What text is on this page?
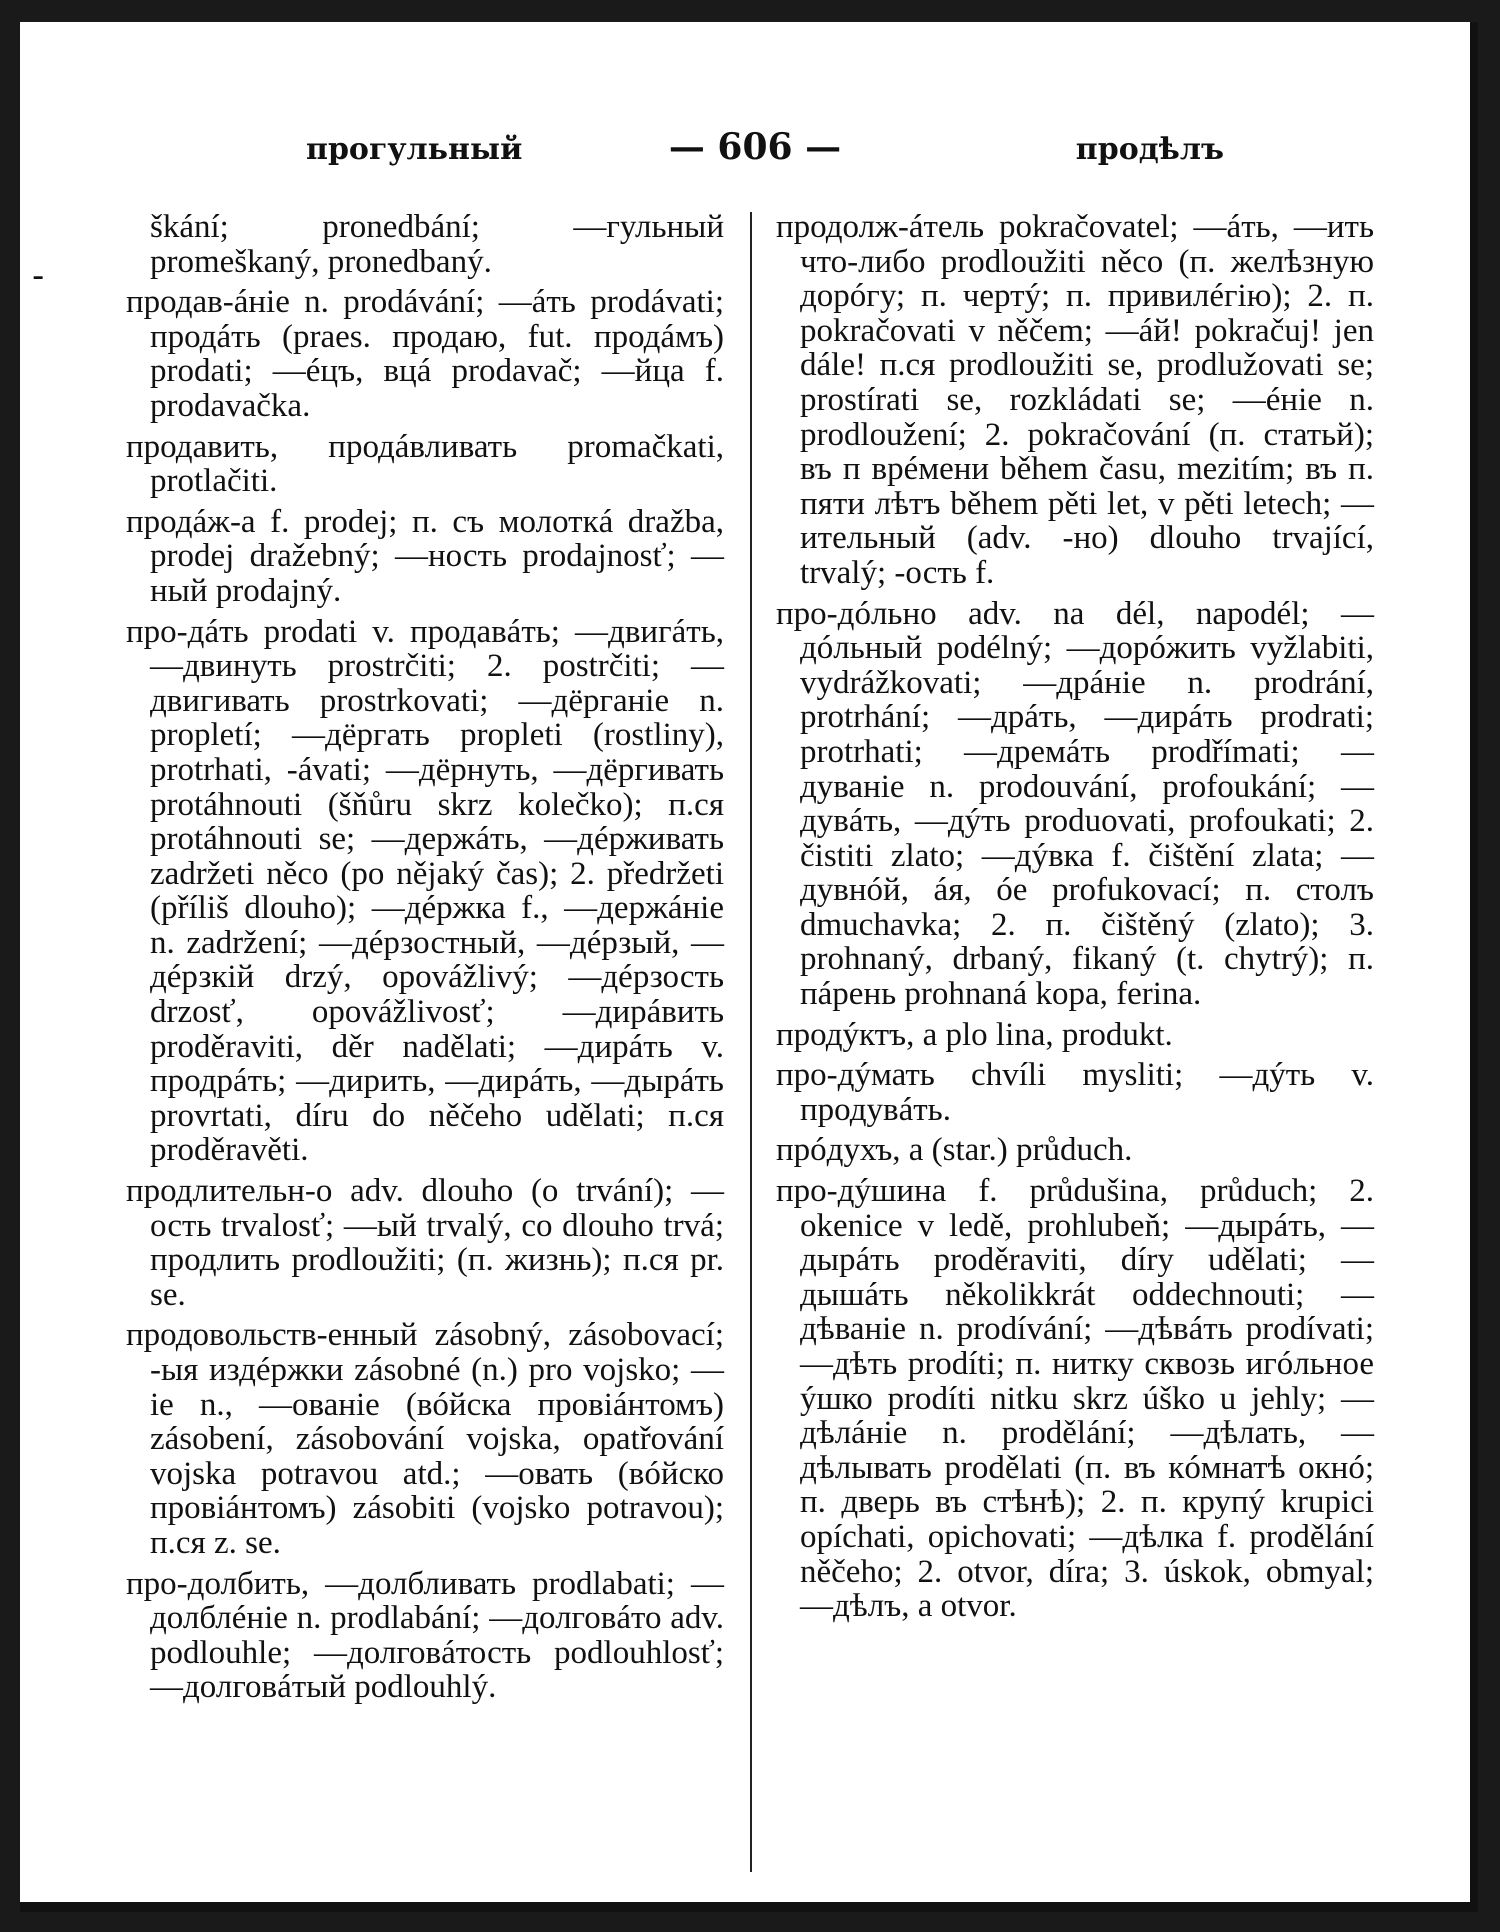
-
прогульный	— 606 —	продѣлъ

škání; pronedbání; —гульный promeškaný, pronedbaný.

продав-áніе n. prodávání; —áть prodávati; продáть (praes. продаю, fut. продáмъ) prodati; —éцъ, вцá prodavač; —йца f. prodavačka.

продавить, продáвливать promačkati, protlačiti.

продáж-а f. prodej; п. съ молоткá dražba, prodej dražebný; —ность prodajnosť; —ный prodajný.

про-дáть prodati v. продавáть; —двигáть, —двинуть prostrčiti; 2. postrčiti; —двигивать prostrkovati; —дёрганіе n. propletí; —дёргать propleti (rostliny), protrhati, -ávati; —дёрнуть, —дёргивать protáhnouti (šňůru skrz kolečko); п.ся protáhnouti se; —держáть, —дéрживать zadržeti něco (po nějaký čas); 2. předržeti (příliš dlouho); —дéржка f., —держáніе n. zadržení; —дéрзостный, —дéрзый, —дéрзкій drzý, opovážlivý; —дéрзость drzosť, opovážlivosť; —дирáвить proděraviti, děr nadělati; —дирáть v. продрáть; —дирить, —дирáть, —дырáть provrtati, díru do něčeho udělati; п.ся proděravěti.

продлительн-о adv. dlouho (o trvání); —ость trvalosť; —ый trvalý, co dlouho trvá; продлить prodloužiti; (п. жизнь); п.ся pr. se.

продовольств-енный zásobný, zásobovací; -ыя издéржки zásobné (n.) pro vojsko; —іе n., —ованіе (вóйска провіáнтомъ) zásobení, zásobování vojska, opatřování vojska potravou atd.; —овать (вóйско провіáнтомъ) zásobiti (vojsko potravou); п.ся z. se.

про-долбить, —долбливать prodlabati; —долблéніе n. prodlabání; —долговáто adv. podlouhle; —долговáтость podlouhlosť; —долговáтый podlouhlý.

продолж-áтель pokračovatel; —áть, —ить что-либо prodloužiti něco (п. желѣзную дорóгу; п. чертý; п. привилéгію); 2. п. pokračovati v něčem; —áй! pokračuj! jen dále! п.ся prodloužiti se, prodlužovati se; prostírati se, rozkládati se; —éніе n. prodloužení; 2. pokračování (п. статьй); въ п врéмени během času, mezitím; въ п. пяти лѣтъ během pěti let, v pěti letech; —ительный (adv. -но) dlouho trvající, trvalý; -ость f.

про-дóльно adv. na dél, napodél; —дóльный podélný; —дорóжить vyžlabiti, vydrážkovati; —дрáніе n. prodrání, protrhání; —дрáть, —дирáть prodrati; protrhati; —дремáть prodřímati; —дуваніе n. prodouvání, profoukání; —дувáть, —дýть produovati, profoukati; 2. čistiti zlato; —дýвка f. čištění zlata; —дувнóй, áя, óе profukovací; п. столъ dmuchavka; 2. п. čištěný (zlato); 3. prohnaný, drbaný, fikaný (t. chytrý); п. пáрень prohnaná kopa, ferina.

продýктъ, a plo lina, produkt.

про-дýмать chvíli mysliti; —дýть v. продувáть.

прóдухъ, a (star.) průduch.

про-дýшина f. průdušina, průduch; 2. okenice v ledě, prohlubeň; —дырáть, —дырáть proděraviti, díry udělati; —дышáть několikkrát oddechnouti; —дѣваніе n. prodívání; —дѣвáть prodívati; —дѣть prodíti; п. нитку сквозь игóльное ýшко prodíti nitku skrz úško u jehly; —дѣлáніе n. prodělání; —дѣлать, —дѣлывать prodělati (п. въ кóмнатѣ окнó; п. дверь въ стѣнѣ); 2. п. крупý krupici opíchati, opichovati; —дѣлка f. prodělání něčeho; 2. otvor, díra; 3. úskok, obmyal; —дѣлъ, a otvor.
